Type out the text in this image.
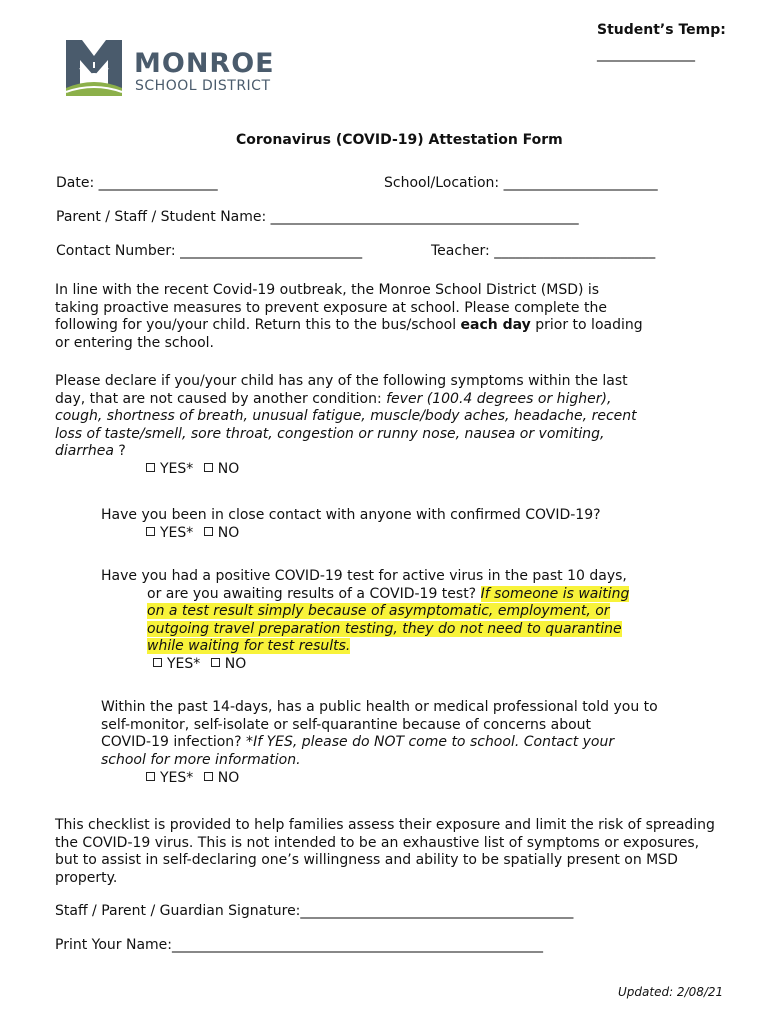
Student’s Temp:
______________
MONROE
SCHOOL DISTRICT
Coronavirus (COVID-19) Attestation Form
Date: _________________	School/Location: ______________________
Parent / Staff / Student Name: ____________________________________________
Contact Number: __________________________	Teacher: _______________________
In line with the recent Covid-19 outbreak, the Monroe School District (MSD) is
taking proactive measures to prevent exposure at school. Please complete the
following for you/your child. Return this to the bus/school each day prior to loading
or entering the school.
Please declare if you/your child has any of the following symptoms within the last
day, that are not caused by another condition: fever (100.4 degrees or higher),
cough, shortness of breath, unusual fatigue, muscle/body aches, headache, recent
loss of taste/smell, sore throat, congestion or runny nose, nausea or vomiting,
diarrhea ?
YES* NO
Have you been in close contact with anyone with confirmed COVID-19?
YES* NO
Have you had a positive COVID-19 test for active virus in the past 10 days,
or are you awaiting results of a COVID-19 test? If someone is waiting
on a test result simply because of asymptomatic, employment, or
outgoing travel preparation testing, they do not need to quarantine
while waiting for test results.
YES* NO
Within the past 14-days, has a public health or medical professional told you to
self-monitor, self-isolate or self-quarantine because of concerns about
COVID-19 infection? *If YES, please do NOT come to school. Contact your
school for more information.
YES* NO
This checklist is provided to help families assess their exposure and limit the risk of spreading
the COVID-19 virus. This is not intended to be an exhaustive list of symptoms or exposures,
but to assist in self-declaring one’s willingness and ability to be spatially present on MSD
property.
Staff / Parent / Guardian Signature:_______________________________________
Print Your Name:_____________________________________________________
Updated: 2/08/21
